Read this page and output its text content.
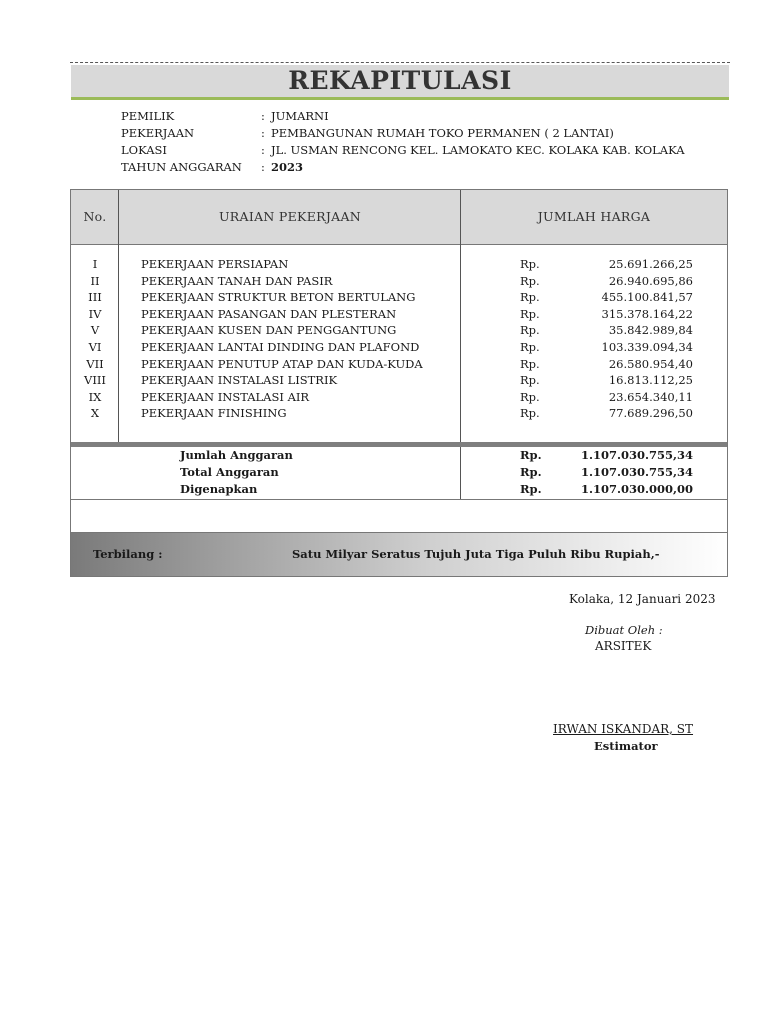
REKAPITULASI
PEMILIK	: JUMARNI
PEKERJAAN	: PEMBANGUNAN RUMAH TOKO PERMANEN ( 2 LANTAI)
LOKASI	: JL. USMAN RENCONG KEL. LAMOKATO KEC. KOLAKA KAB. KOLAKA
TAHUN ANGGARAN : 2023
No.	URAIAN PEKERJAAN	JUMLAH HARGA
I	PEKERJAAN PERSIAPAN	Rp.	25.691.266,25
II	PEKERJAAN TANAH DAN PASIR	Rp.	26.940.695,86
III	PEKERJAAN STRUKTUR BETON BERTULANG	Rp.	455.100.841,57
IV	PEKERJAAN PASANGAN DAN PLESTERAN	Rp.	315.378.164,22
V	PEKERJAAN KUSEN DAN PENGGANTUNG	Rp.	35.842.989,84
VI	PEKERJAAN LANTAI DINDING DAN PLAFOND	Rp.	103.339.094,34
VII	PEKERJAAN PENUTUP ATAP DAN KUDA-KUDA	Rp.	26.580.954,40
VIII	PEKERJAAN INSTALASI LISTRIK	Rp.	16.813.112,25
IX	PEKERJAAN INSTALASI AIR	Rp.	23.654.340,11
X	PEKERJAAN FINISHING	Rp.	77.689.296,50
Jumlah Anggaran	Rp.	1.107.030.755,34
Total Anggaran	Rp.	1.107.030.755,34
Digenapkan	Rp.	1.107.030.000,00
Terbilang :	Satu Milyar Seratus Tujuh Juta Tiga Puluh Ribu Rupiah,-
Kolaka, 12 Januari 2023
Dibuat Oleh :
ARSITEK
IRWAN ISKANDAR, ST
Estimator
